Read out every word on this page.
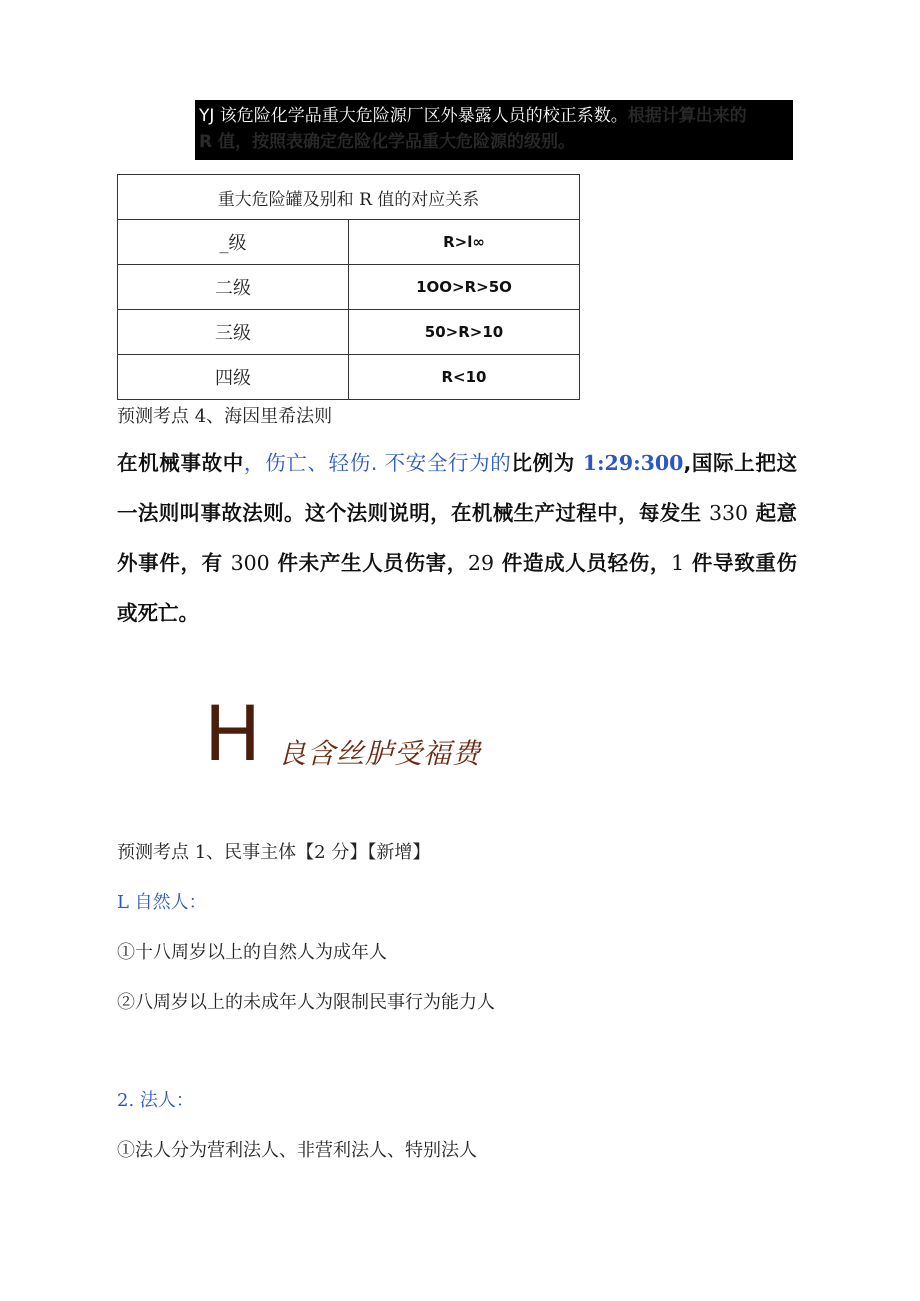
YJ 该危险化学品重大危险源厂区外暴露人员的校正系数。根据计算出来的
R 值，按照表确定危险化学品重大危险源的级别。
重大危险罐及别和 R 值的对应关系	
_级	R>l∞
二级	1OO>R>5O
三级	50>R>10
四级	R<10
预测考点 4、海因里希法则
在机械事故中，伤亡、轻伤. 不安全行为的比例为 1:29:300,国际上把这一法则叫事故法则。这个法则说明，在机械生产过程中，每发生 330 起意外事件，有 300 件未产生人员伤害，29 件造成人员轻伤，1 件导致重伤或死亡。
H 良含丝胪受福费
预测考点 1、民事主体【2 分】【新增】
L 自然人：
①十八周岁以上的自然人为成年人
②八周岁以上的未成年人为限制民事行为能力人
2. 法人：
①法人分为营利法人、非营利法人、特别法人
